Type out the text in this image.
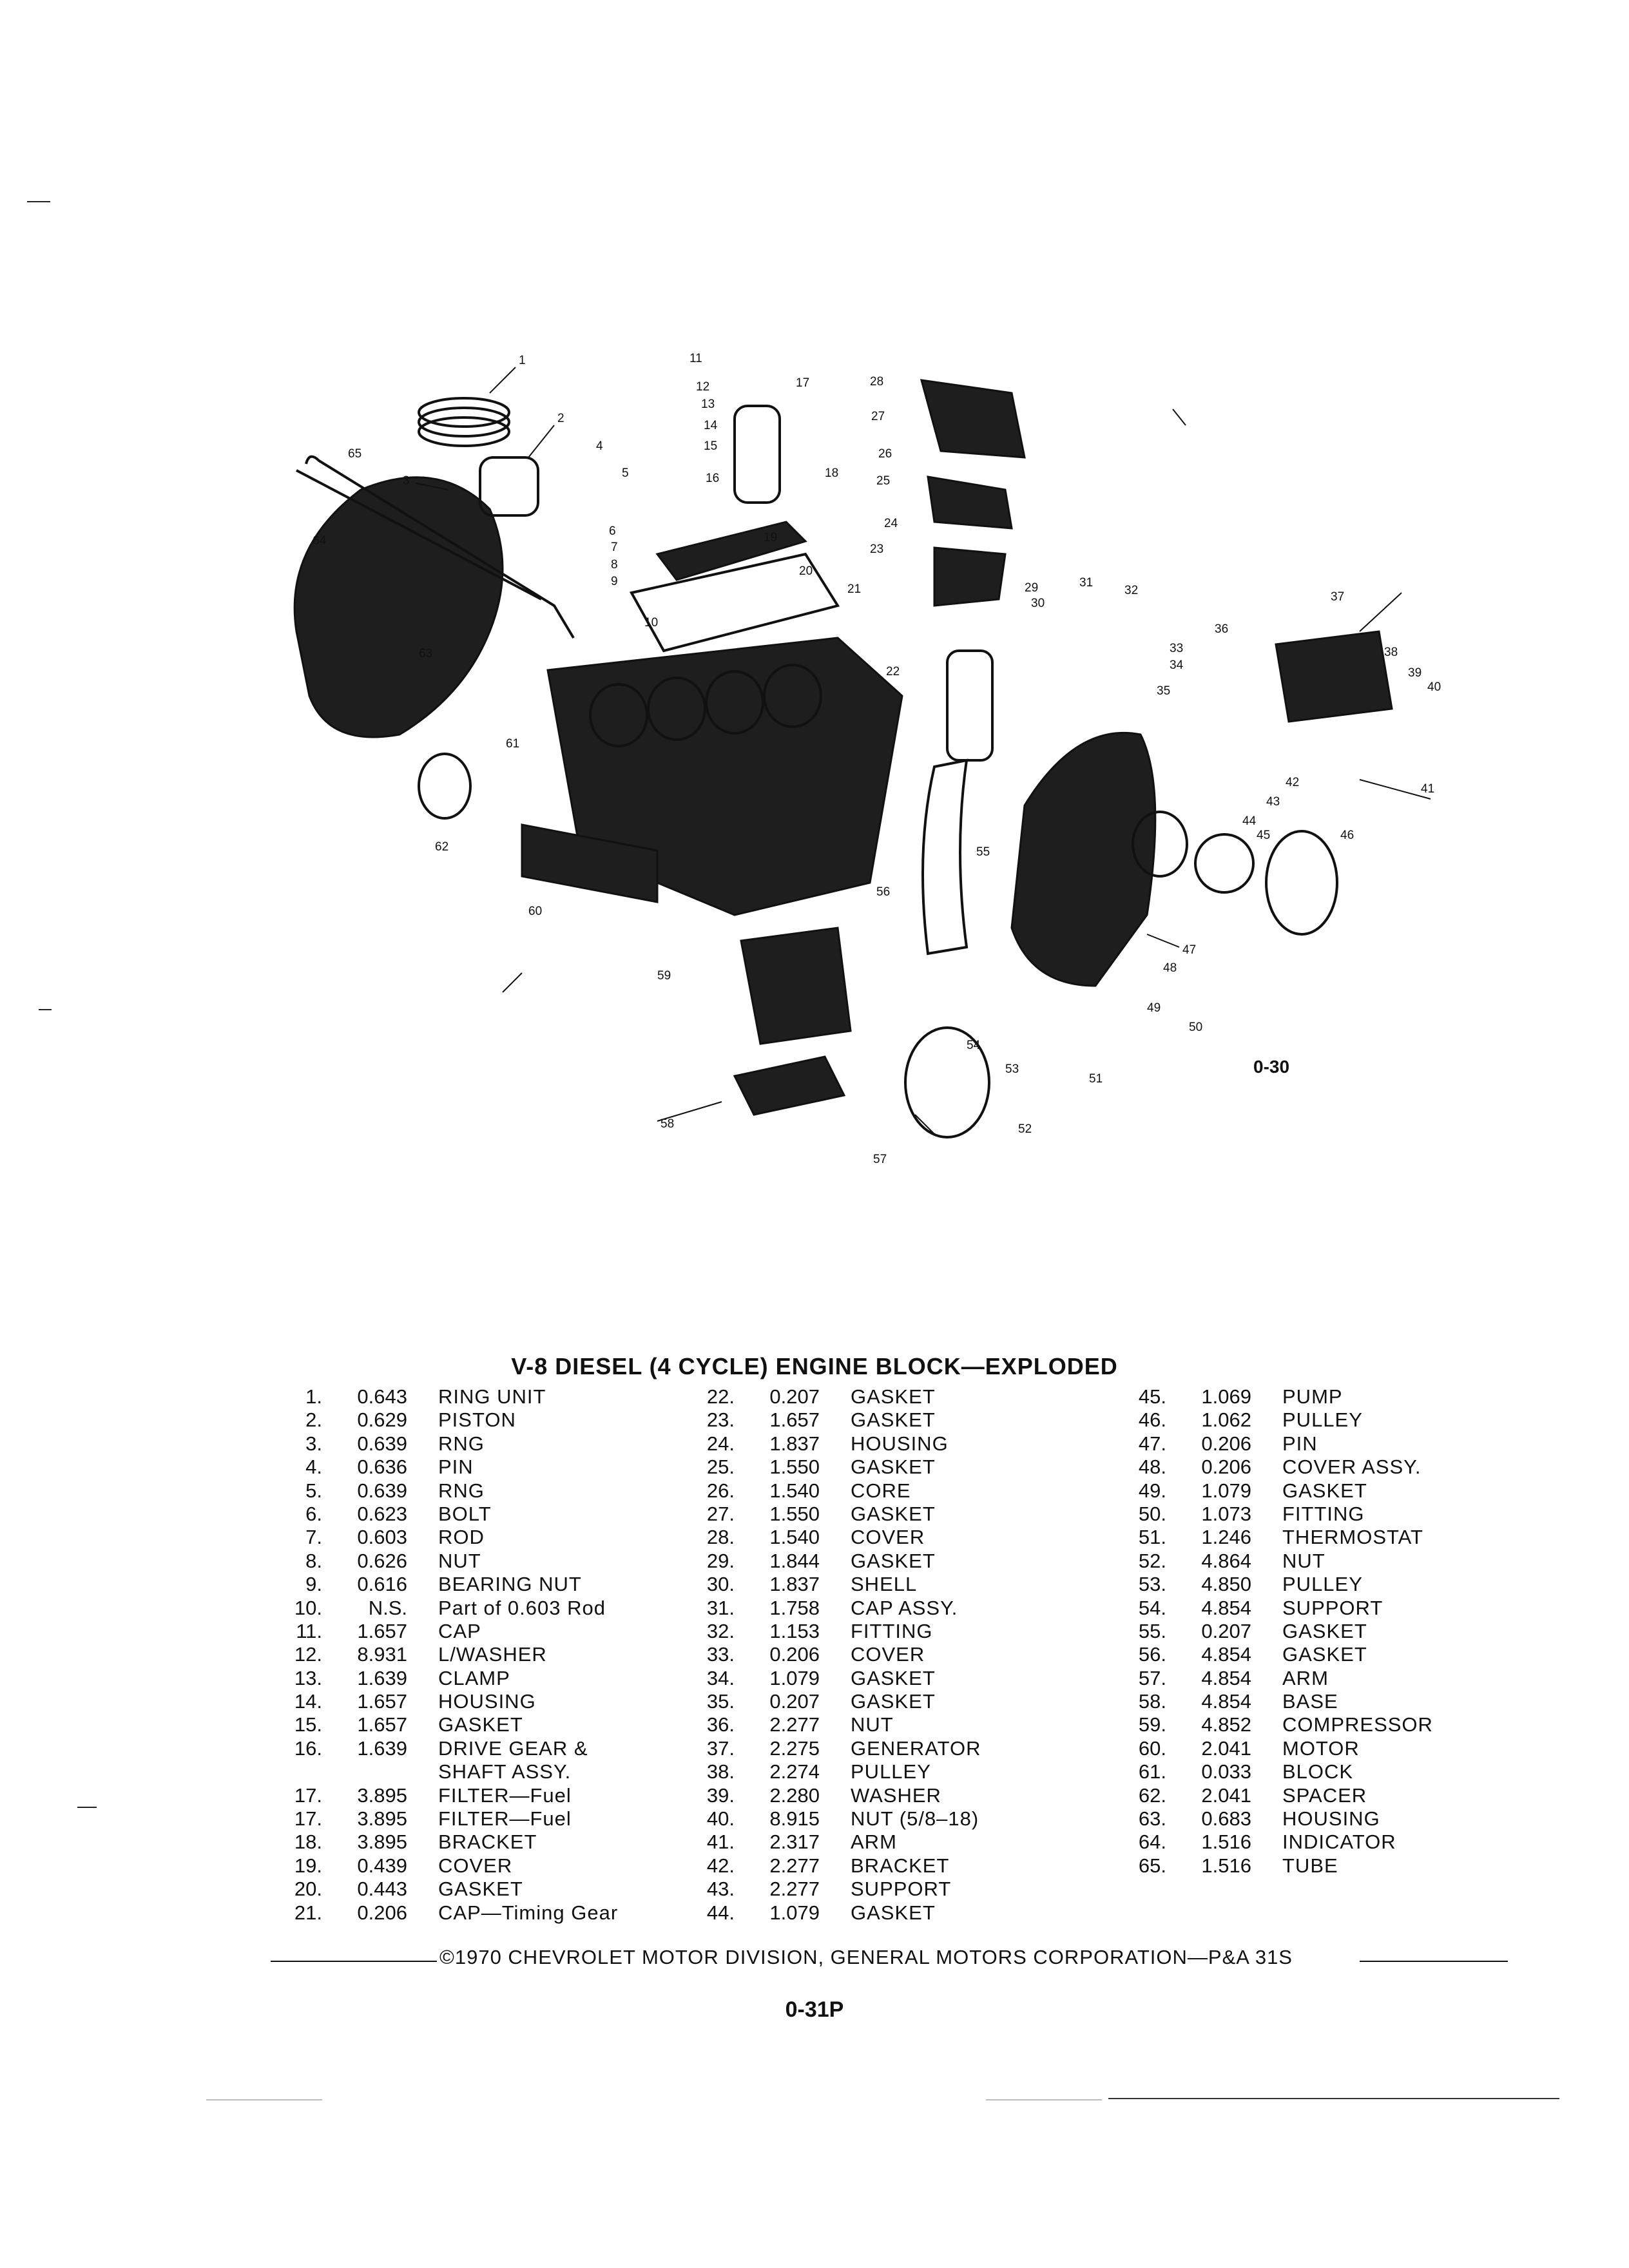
1
2
3
4
5
6
7
8
9
10
11
12
13
14
15
16
17
18
19
20
21
22
23
24
25
26
27
28
29
30
31
32
33
34
35
36
37
38
39
40
41
42
43
44
45	46
47
48
49
50
51
52
53
54
55
56
57
58
59
60
61
62
63
64
65
0-30
V-8 DIESEL (4 CYCLE) ENGINE BLOCK—EXPLODED
1.	0.643 RING UNIT
2.	0.629 PISTON
3.	0.639 RNG
4.	0.636 PIN
5.	0.639 RNG
6.	0.623 BOLT
7.	0.603 ROD
8.	0.626 NUT
9.	0.616 BEARING NUT
10.	N.S. Part of 0.603 Rod
11.	1.657 CAP
12.	8.931 L/WASHER
13.	1.639 CLAMP
14.	1.657 HOUSING
15.	1.657 GASKET
16.	1.639 DRIVE GEAR &
SHAFT ASSY.
17.	3.895 FILTER—Fuel
17.	3.895 FILTER—Fuel
18.	3.895 BRACKET
19.	0.439 COVER
20.	0.443 GASKET
21.	0.206 CAP—Timing Gear
22.	0.207 GASKET
23.	1.657 GASKET
24.	1.837 HOUSING
25.	1.550 GASKET
26.	1.540 CORE
27.	1.550 GASKET
28.	1.540 COVER
29.	1.844 GASKET
30.	1.837 SHELL
31.	1.758 CAP ASSY.
32.	1.153 FITTING
33.	0.206 COVER
34.	1.079 GASKET
35.	0.207 GASKET
36.	2.277 NUT
37.	2.275 GENERATOR
38.	2.274 PULLEY
39.	2.280 WASHER
40.	8.915 NUT (5/8–18)
41.	2.317 ARM
42.	2.277 BRACKET
43.	2.277 SUPPORT
44.	1.079 GASKET
45.	1.069 PUMP
46.	1.062 PULLEY
47.	0.206 PIN
48.	0.206 COVER ASSY.
49.	1.079 GASKET
50.	1.073 FITTING
51.	1.246 THERMOSTAT
52.	4.864 NUT
53.	4.850 PULLEY
54.	4.854 SUPPORT
55.	0.207 GASKET
56.	4.854 GASKET
57.	4.854 ARM
58.	4.854 BASE
59.	4.852 COMPRESSOR
60.	2.041 MOTOR
61.	0.033 BLOCK
62.	2.041 SPACER
63.	0.683 HOUSING
64.	1.516 INDICATOR
65.	1.516 TUBE
©1970 CHEVROLET MOTOR DIVISION, GENERAL MOTORS CORPORATION—P&A 31S
0-31P
